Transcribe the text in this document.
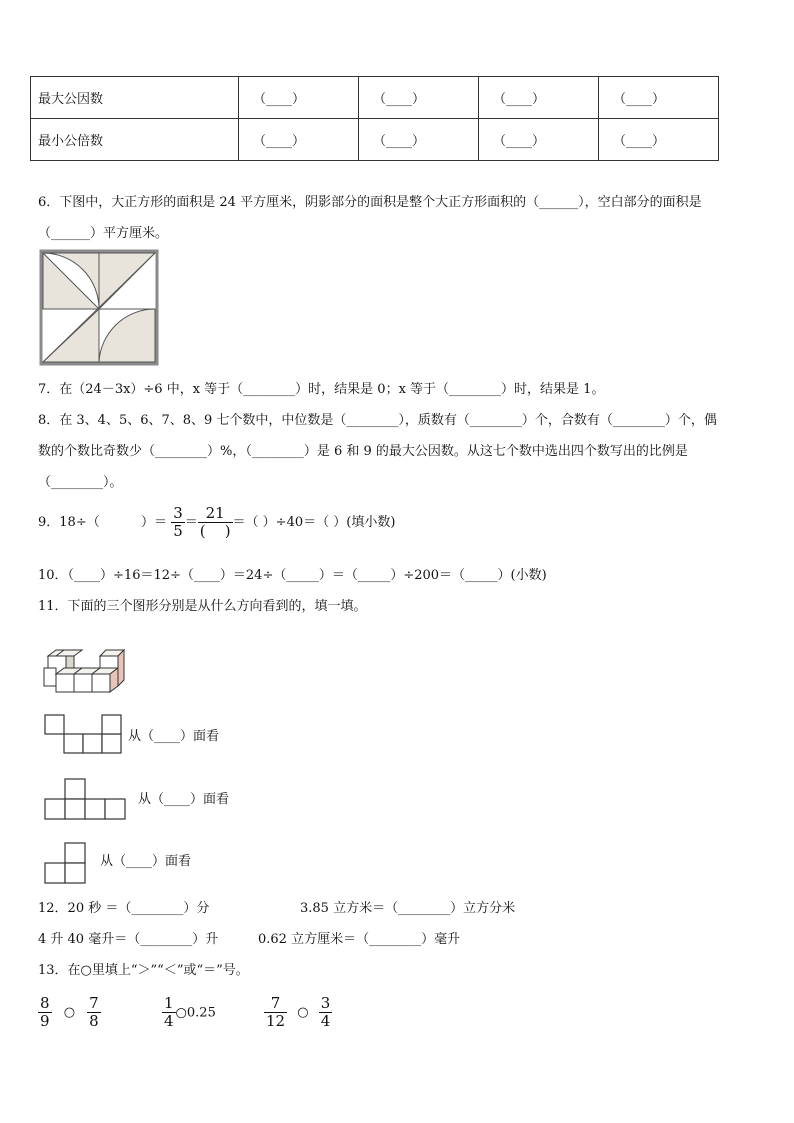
最大公因数	（____）	（____）	（____）	（____）
最小公倍数	（____）	（____）	（____）	（____）
6．下图中，大正方形的面积是 24 平方厘米，阴影部分的面积是整个大正方形面积的（______），空白部分的面积是
（______）平方厘米。
7．在（24－3x）÷6 中，x 等于（________）时，结果是 0；x 等于（________）时，结果是 1。
8．在 3、4、5、6、7、8、9 七个数中，中位数是（________），质数有（________）个，合数有（________）个，偶
数的个数比奇数少（________）%，（________）是 6 和 9 的最大公因数。从这七个数中选出四个数写出的比例是
（________）。
9．18÷（	）＝ $\frac{3}{5} = \frac{21}{( )}$ ＝（ ）÷40＝（ ）(填小数)
10．（____）÷16＝12÷（____）＝24÷（_____）＝（_____）÷200＝（_____）(小数)
11．下面的三个图形分别是从什么方向看到的，填一填。
从（____）面看
从（____）面看
从（____）面看
12．20 秒 ＝（________）分	3.85 立方米＝（________）立方分米
4 升 40 毫升＝（________）升	0.62 立方厘米＝（________）毫升
13．在○里填上“＞”“＜”或“＝”号。
$\frac{8}{9}$ ○ $\frac{7}{8}$	$\frac{1}{4}$ ○0.25	$\frac{7}{12}$ ○ $\frac{3}{4}$
